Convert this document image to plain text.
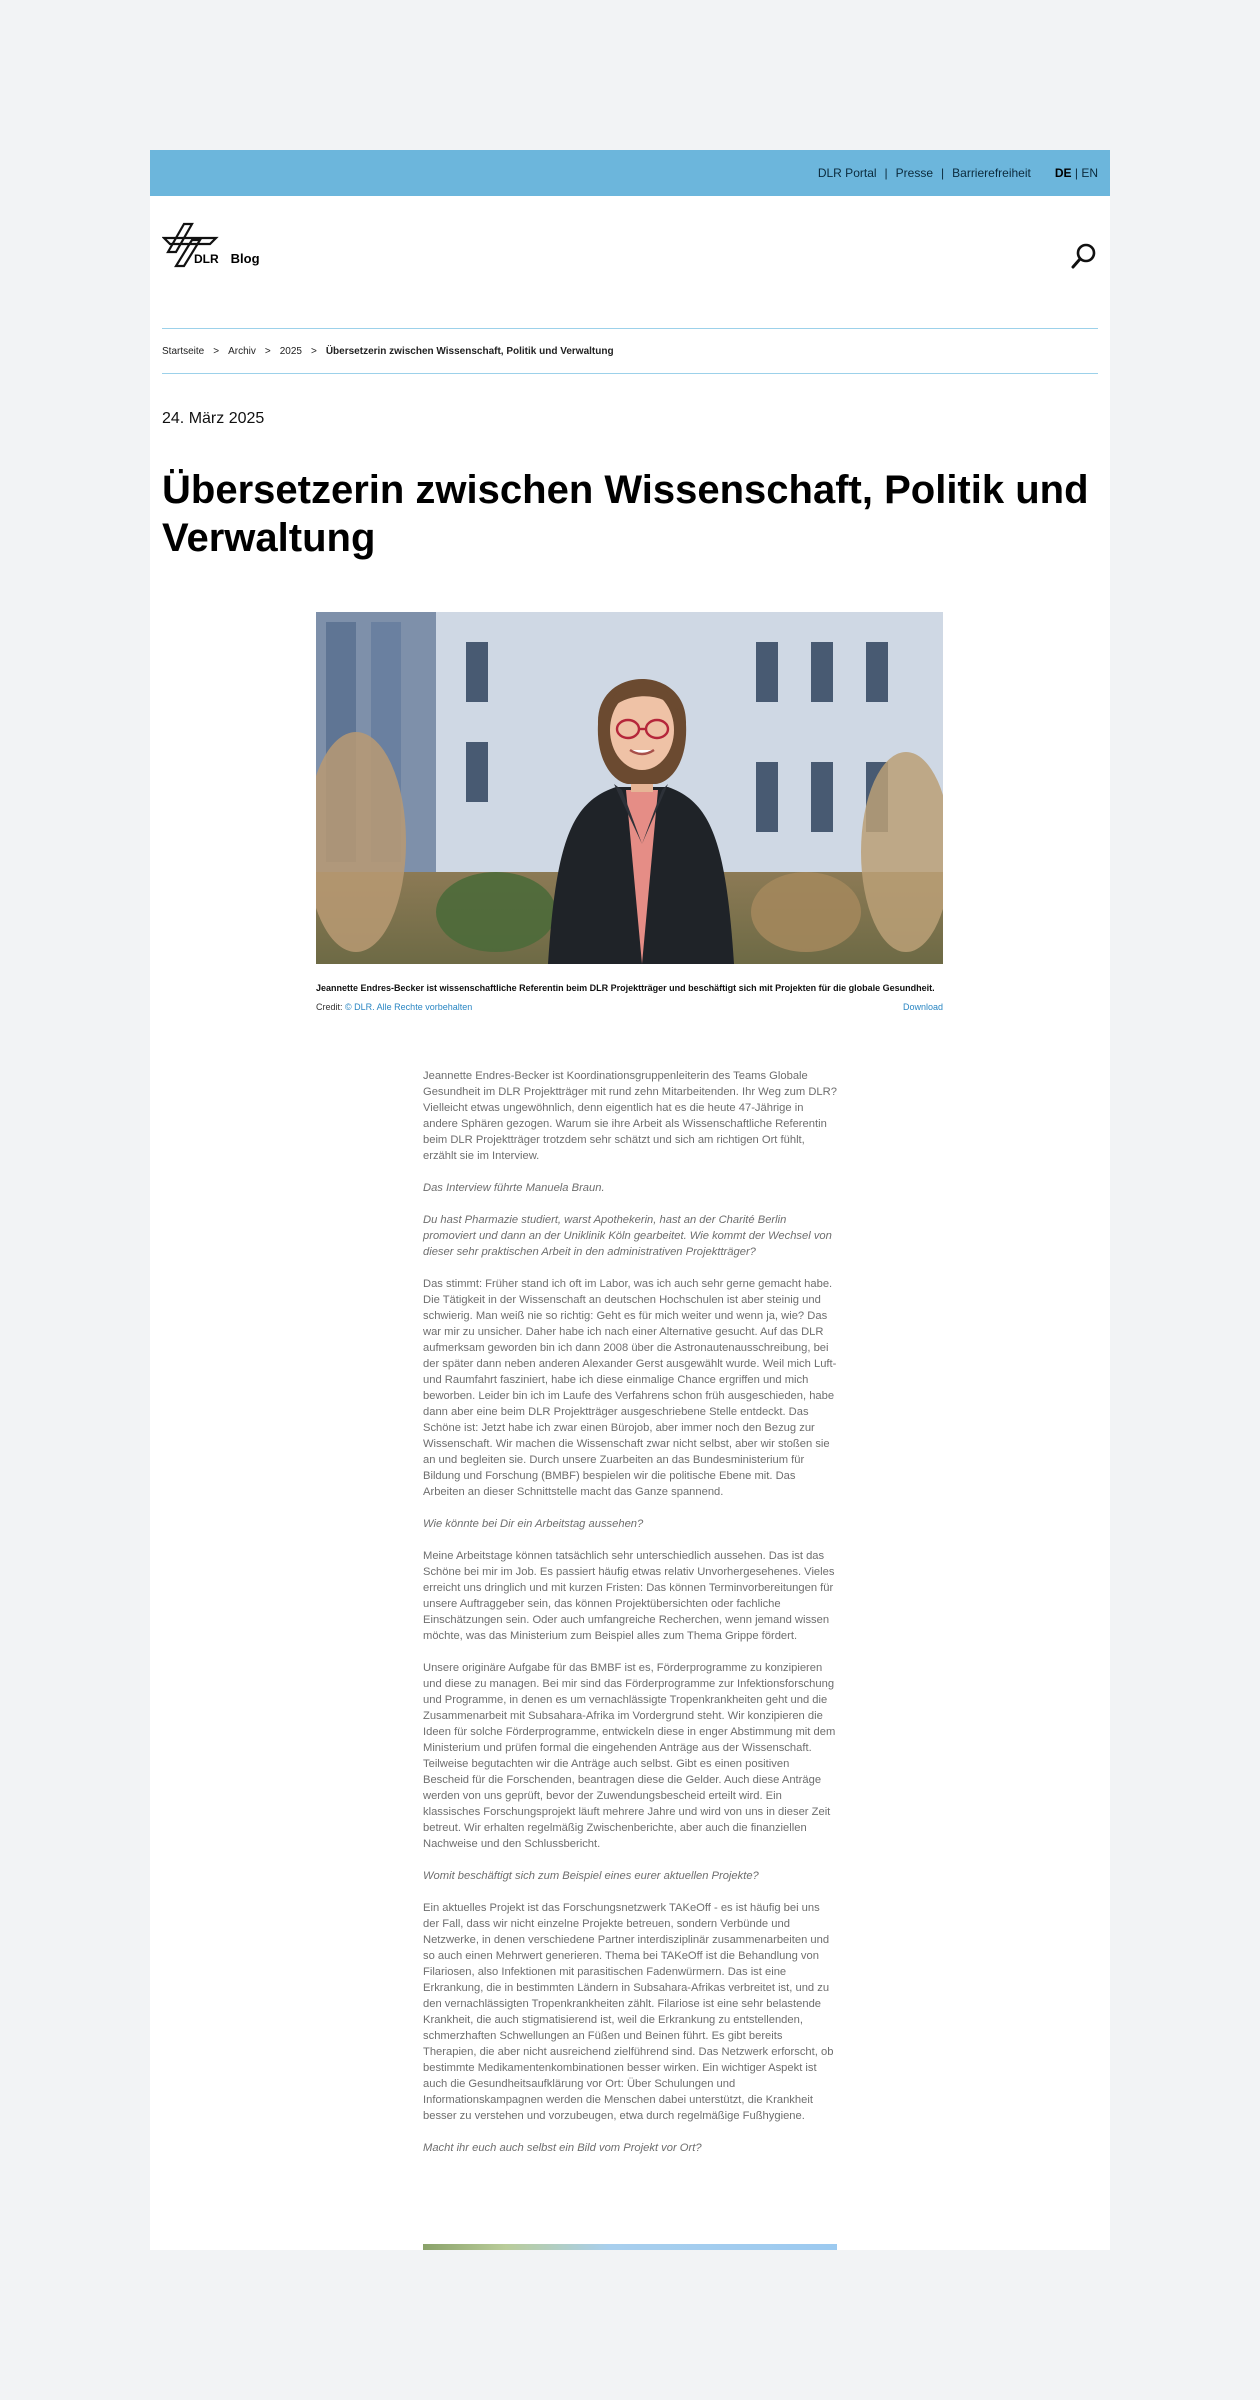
DLR Portal | Presse | Barrierefreiheit DE | EN
DLR Blog
Startseite > Archiv > 2025 > Übersetzerin zwischen Wissenschaft, Politik und Verwaltung
24. März 2025
Übersetzerin zwischen Wissenschaft, Politik und Verwaltung
Jeannette Endres-Becker ist wissenschaftliche Referentin beim DLR Projektträger und beschäftigt sich mit Projekten für die globale Gesundheit.
Credit: © DLR. Alle Rechte vorbehalten	Download

Jeannette Endres-Becker ist Koordinationsgruppenleiterin des Teams Globale Gesundheit im DLR Projektträger mit rund zehn Mitarbeitenden. Ihr Weg zum DLR? Vielleicht etwas ungewöhnlich, denn eigentlich hat es die heute 47-Jährige in andere Sphären gezogen. Warum sie ihre Arbeit als Wissenschaftliche Referentin beim DLR Projektträger trotzdem sehr schätzt und sich am richtigen Ort fühlt, erzählt sie im Interview.

Das Interview führte Manuela Braun.

Du hast Pharmazie studiert, warst Apothekerin, hast an der Charité Berlin promoviert und dann an der Uniklinik Köln gearbeitet. Wie kommt der Wechsel von dieser sehr praktischen Arbeit in den administrativen Projektträger?

Das stimmt: Früher stand ich oft im Labor, was ich auch sehr gerne gemacht habe. Die Tätigkeit in der Wissenschaft an deutschen Hochschulen ist aber steinig und schwierig. Man weiß nie so richtig: Geht es für mich weiter und wenn ja, wie? Das war mir zu unsicher. Daher habe ich nach einer Alternative gesucht. Auf das DLR aufmerksam geworden bin ich dann 2008 über die Astronautenausschreibung, bei der später dann neben anderen Alexander Gerst ausgewählt wurde. Weil mich Luft- und Raumfahrt fasziniert, habe ich diese einmalige Chance ergriffen und mich beworben. Leider bin ich im Laufe des Verfahrens schon früh ausgeschieden, habe dann aber eine beim DLR Projektträger ausgeschriebene Stelle entdeckt. Das Schöne ist: Jetzt habe ich zwar einen Bürojob, aber immer noch den Bezug zur Wissenschaft. Wir machen die Wissenschaft zwar nicht selbst, aber wir stoßen sie an und begleiten sie. Durch unsere Zuarbeiten an das Bundesministerium für Bildung und Forschung (BMBF) bespielen wir die politische Ebene mit. Das Arbeiten an dieser Schnittstelle macht das Ganze spannend.

Wie könnte bei Dir ein Arbeitstag aussehen?

Meine Arbeitstage können tatsächlich sehr unterschiedlich aussehen. Das ist das Schöne bei mir im Job. Es passiert häufig etwas relativ Unvorhergesehenes. Vieles erreicht uns dringlich und mit kurzen Fristen: Das können Terminvorbereitungen für unsere Auftraggeber sein, das können Projektübersichten oder fachliche Einschätzungen sein. Oder auch umfangreiche Recherchen, wenn jemand wissen möchte, was das Ministerium zum Beispiel alles zum Thema Grippe fördert.

Unsere originäre Aufgabe für das BMBF ist es, Förderprogramme zu konzipieren und diese zu managen. Bei mir sind das Förderprogramme zur Infektionsforschung und Programme, in denen es um vernachlässigte Tropenkrankheiten geht und die Zusammenarbeit mit Subsahara-Afrika im Vordergrund steht. Wir konzipieren die Ideen für solche Förderprogramme, entwickeln diese in enger Abstimmung mit dem Ministerium und prüfen formal die eingehenden Anträge aus der Wissenschaft. Teilweise begutachten wir die Anträge auch selbst. Gibt es einen positiven Bescheid für die Forschenden, beantragen diese die Gelder. Auch diese Anträge werden von uns geprüft, bevor der Zuwendungsbescheid erteilt wird. Ein klassisches Forschungsprojekt läuft mehrere Jahre und wird von uns in dieser Zeit betreut. Wir erhalten regelmäßig Zwischenberichte, aber auch die finanziellen Nachweise und den Schlussbericht.

Womit beschäftigt sich zum Beispiel eines eurer aktuellen Projekte?

Ein aktuelles Projekt ist das Forschungsnetzwerk TAKeOff - es ist häufig bei uns der Fall, dass wir nicht einzelne Projekte betreuen, sondern Verbünde und Netzwerke, in denen verschiedene Partner interdisziplinär zusammenarbeiten und so auch einen Mehrwert generieren. Thema bei TAKeOff ist die Behandlung von Filariosen, also Infektionen mit parasitischen Fadenwürmern. Das ist eine Erkrankung, die in bestimmten Ländern in Subsahara-Afrikas verbreitet ist, und zu den vernachlässigten Tropenkrankheiten zählt. Filariose ist eine sehr belastende Krankheit, die auch stigmatisierend ist, weil die Erkrankung zu entstellenden, schmerzhaften Schwellungen an Füßen und Beinen führt. Es gibt bereits Therapien, die aber nicht ausreichend zielführend sind. Das Netzwerk erforscht, ob bestimmte Medikamentenkombinationen besser wirken. Ein wichtiger Aspekt ist auch die Gesundheitsaufklärung vor Ort: Über Schulungen und Informationskampagnen werden die Menschen dabei unterstützt, die Krankheit besser zu verstehen und vorzubeugen, etwa durch regelmäßige Fußhygiene.

Macht ihr euch auch selbst ein Bild vom Projekt vor Ort?
